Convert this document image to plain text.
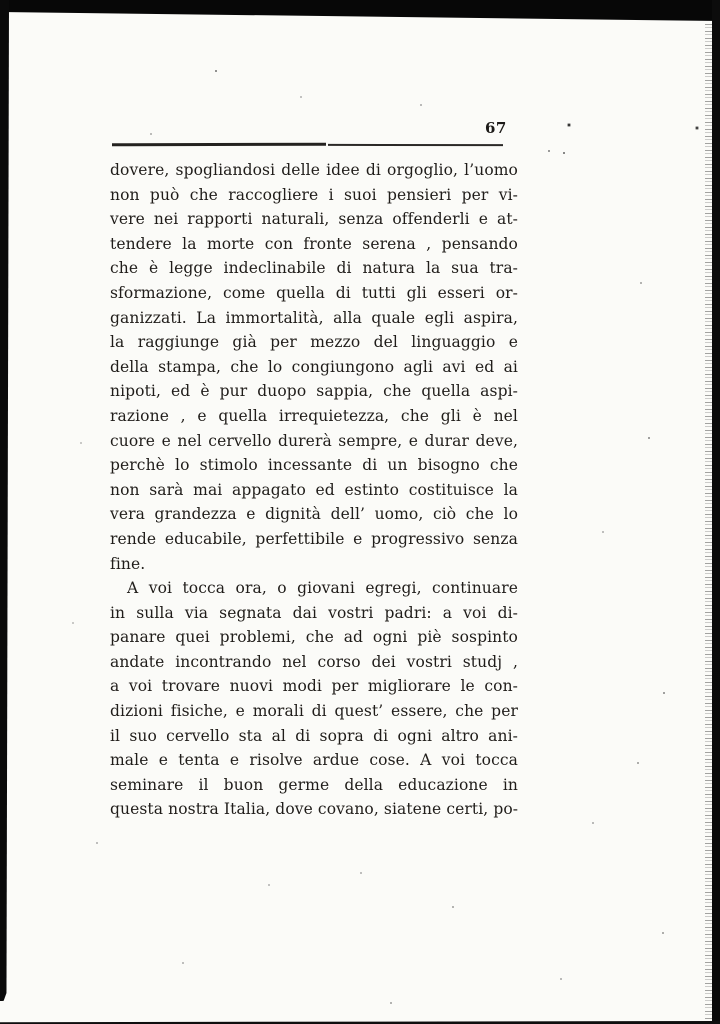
67
dovere, spogliandosi delle idee di orgoglio, l’uomo
non può che raccogliere i suoi pensieri per vi-
vere nei rapporti naturali, senza offenderli e at-
tendere la morte con fronte serena , pensando
che è legge indeclinabile di natura la sua tra-
sformazione, come quella di tutti gli esseri or-
ganizzati. La immortalità, alla quale egli aspira,
la raggiunge già per mezzo del linguaggio e
della stampa, che lo congiungono agli avi ed ai
nipoti, ed è pur duopo sappia, che quella aspi-
razione , e quella irrequietezza, che gli è nel
cuore e nel cervello durerà sempre, e durar deve,
perchè lo stimolo incessante di un bisogno che
non sarà mai appagato ed estinto costituisce la
vera grandezza e dignità dell’ uomo, ciò che lo
rende educabile, perfettibile e progressivo senza
fine.
A voi tocca ora, o giovani egregi, continuare
in sulla via segnata dai vostri padri: a voi di-
panare quei problemi, che ad ogni piè sospinto
andate incontrando nel corso dei vostri studj ,
a voi trovare nuovi modi per migliorare le con-
dizioni fisiche, e morali di quest’ essere, che per
il suo cervello sta al di sopra di ogni altro ani-
male e tenta e risolve ardue cose. A voi tocca
seminare il buon germe della educazione in
questa nostra Italia, dove covano, siatene certi, po-
